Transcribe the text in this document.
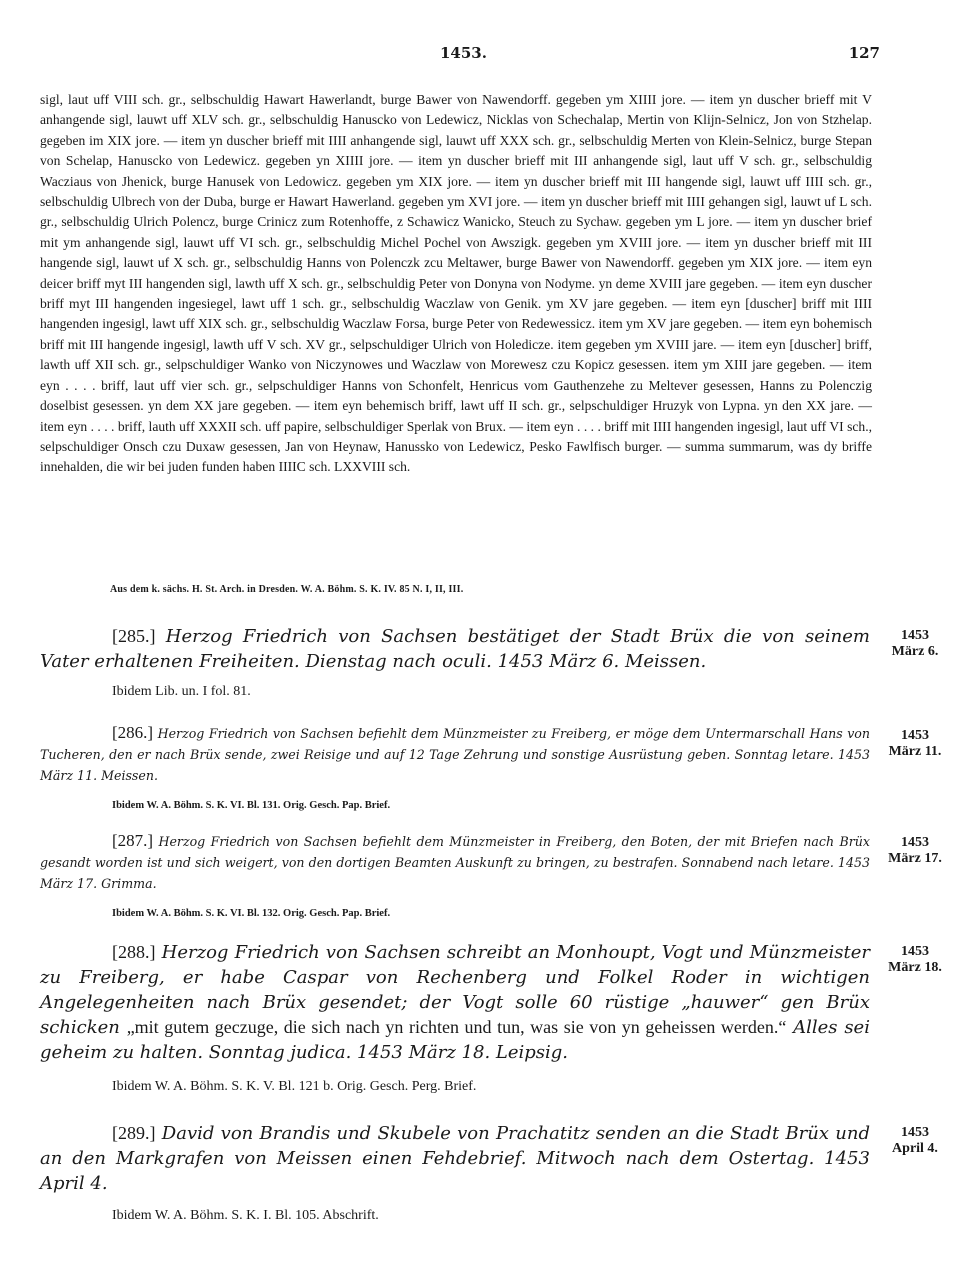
1453.	127

sigl, laut uff VIII sch. gr., selbschuldig Hawart Hawerlandt, burge Bawer von Nawendorff. gegeben ym XIIII jore. — item yn duscher brieff mit V anhangende sigl, lauwt uff XLV sch. gr., selbschuldig Hanuscko von Ledewicz, Nicklas von Schechalap, Mertin von Klijn-Selnicz, Jon von Stzhelap. gegeben im XIX jore. — item yn duscher brieff mit IIII anhangende sigl, lauwt uff XXX sch. gr., selbschuldig Merten von Klein-Selnicz, burge Stepan von Schelap, Hanuscko von Ledewicz. gegeben yn XIIII jore. — item yn duscher brieff mit III anhangende sigl, laut uff V sch. gr., selbschuldig Wacziaus von Jhenick, burge Hanusek von Ledowicz. gegeben ym XIX jore. — item yn duscher brieff mit III hangende sigl, lauwt uff IIII sch. gr., selbschuldig Ulbrech von der Duba, burge er Hawart Hawerland. gegeben ym XVI jore. — item yn duscher brieff mit IIII gehangen sigl, lauwt uf L sch. gr., selbschuldig Ulrich Polencz, burge Crinicz zum Rotenhoffe, z Schawicz Wanicko, Steuch zu Sychaw. gegeben ym L jore. — item yn duscher brief mit ym anhangende sigl, lauwt uff VI sch. gr., selbschuldig Michel Pochel von Awszigk. gegeben ym XVIII jore. — item yn duscher brieff mit III hangende sigl, lauwt uf X sch. gr., selbschuldig Hanns von Polenczk zcu Meltawer, burge Bawer von Nawendorff. gegeben ym XIX jore. — item eyn deicer briff myt III hangenden sigl, lawth uff X sch. gr., selbschuldig Peter von Donyna von Nodyme. yn deme XVIII jare gegeben. — item eyn duscher briff myt III hangenden ingesiegel, lawt uff 1 sch. gr., selbschuldig Waczlaw von Genik. ym XV jare gegeben. — item eyn [duscher] briff mit IIII hangenden ingesigl, lawt uff XIX sch. gr., selbschuldig Waczlaw Forsa, burge Peter von Redewessicz. item ym XV jare gegeben. — item eyn bohemisch briff mit III hangende ingesigl, lawth uff V sch. XV gr., selpschuldiger Ulrich von Holedicze. item gegeben ym XVIII jare. — item eyn [duscher] briff, lawth uff XII sch. gr., selpschuldiger Wanko von Niczynowes und Waczlaw von Morewesz czu Kopicz gesessen. item ym XIII jare gegeben. — item eyn . . . . briff, laut uff vier sch. gr., selpschuldiger Hanns von Schonfelt, Henricus vom Gauthenzehe zu Meltever gesessen, Hanns zu Polenczig doselbist gesessen. yn dem XX jare gegeben. — item eyn behemisch briff, lawt uff II sch. gr., selpschuldiger Hruzyk von Lypna. yn den XX jare. — item eyn . . . . briff, lauth uff XXXII sch. uff papire, selbschuldiger Sperlak von Brux. — item eyn . . . . briff mit IIII hangenden ingesigl, laut uff VI sch., selpschuldiger Onsch czu Duxaw gesessen, Jan von Heynaw, Hanussko von Ledewicz, Pesko Fawlfisch burger. — summa summarum, was dy briffe innehalden, die wir bei juden funden haben IIIIC sch. LXXVIII sch.

Aus dem k. sächs. H. St. Arch. in Dresden. W. A. Böhm. S. K. IV. 85 N. I, II, III.

[285.] Herzog Friedrich von Sachsen bestätiget der Stadt Brüx die von seinem Vater erhaltenen Freiheiten. Dienstag nach oculi. 1453 März 6. Meissen.

Ibidem Lib. un. I fol. 81.

1453
März 6.

[286.] Herzog Friedrich von Sachsen befiehlt dem Münzmeister zu Freiberg, er möge dem Untermarschall Hans von Tucheren, den er nach Brüx sende, zwei Reisige und auf 12 Tage Zehrung und sonstige Ausrüstung geben. Sonntag letare. 1453 März 11. Meissen.

Ibidem W. A. Böhm. S. K. VI. Bl. 131. Orig. Gesch. Pap. Brief.

1453
März 11.

[287.] Herzog Friedrich von Sachsen befiehlt dem Münzmeister in Freiberg, den Boten, der mit Briefen nach Brüx gesandt worden ist und sich weigert, von den dortigen Beamten Auskunft zu bringen, zu bestrafen. Sonnabend nach letare. 1453 März 17. Grimma.

Ibidem W. A. Böhm. S. K. VI. Bl. 132. Orig. Gesch. Pap. Brief.

1453
März 17.

[288.] Herzog Friedrich von Sachsen schreibt an Monhoupt, Vogt und Münzmeister zu Freiberg, er habe Caspar von Rechenberg und Folkel Roder in wichtigen Angelegenheiten nach Brüx gesendet; der Vogt solle 60 rüstige „hauwer“ gen Brüx schicken „mit gutem geczuge, die sich nach yn richten und tun, was sie von yn geheissen werden.“ Alles sei geheim zu halten. Sonntag judica. 1453 März 18. Leipsig.

Ibidem W. A. Böhm. S. K. V. Bl. 121 b. Orig. Gesch. Perg. Brief.

1453
März 18.

[289.] David von Brandis und Skubele von Prachatitz senden an die Stadt Brüx und an den Markgrafen von Meissen einen Fehdebrief. Mitwoch nach dem Ostertag. 1453 April 4.

Ibidem W. A. Böhm. S. K. I. Bl. 105. Abschrift.

1453
April 4.
